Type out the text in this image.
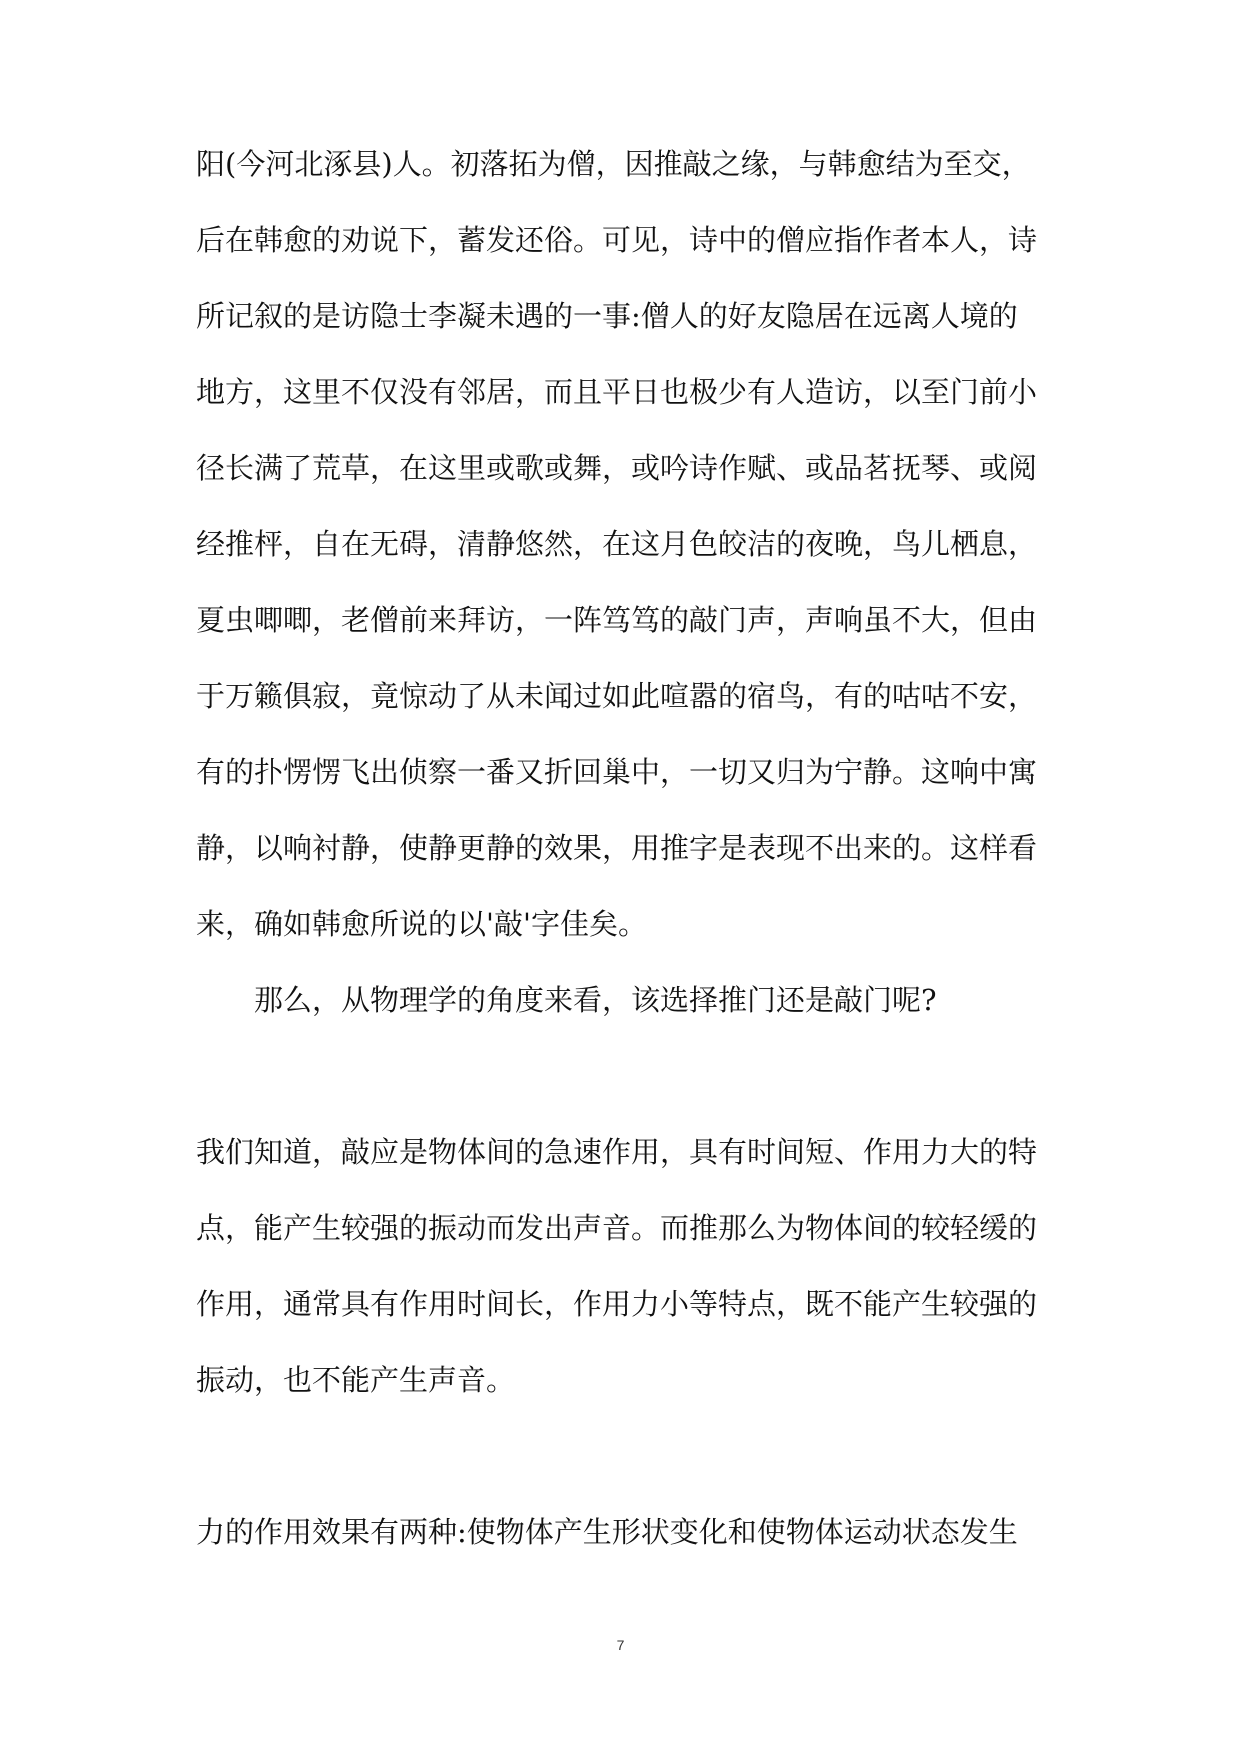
阳(今河北涿县)人。初落拓为僧，因推敲之缘，与韩愈结为至交，
后在韩愈的劝说下，蓄发还俗。可见，诗中的僧应指作者本人，诗
所记叙的是访隐士李凝未遇的一事:僧人的好友隐居在远离人境的
地方，这里不仅没有邻居，而且平日也极少有人造访，以至门前小
径长满了荒草，在这里或歌或舞，或吟诗作赋、或品茗抚琴、或阅
经推枰，自在无碍，清静悠然，在这月色皎洁的夜晚，鸟儿栖息，
夏虫唧唧，老僧前来拜访，一阵笃笃的敲门声，声响虽不大，但由
于万籁俱寂，竟惊动了从未闻过如此喧嚣的宿鸟，有的咕咕不安，
有的扑愣愣飞出侦察一番又折回巢中，一切又归为宁静。这响中寓
静，以响衬静，使静更静的效果，用推字是表现不出来的。这样看
来，确如韩愈所说的以'敲'字佳矣。
那么，从物理学的角度来看，该选择推门还是敲门呢?
我们知道，敲应是物体间的急速作用，具有时间短、作用力大的特
点，能产生较强的振动而发出声音。而推那么为物体间的较轻缓的
作用，通常具有作用时间长，作用力小等特点，既不能产生较强的
振动，也不能产生声音。
力的作用效果有两种:使物体产生形状变化和使物体运动状态发生
7
